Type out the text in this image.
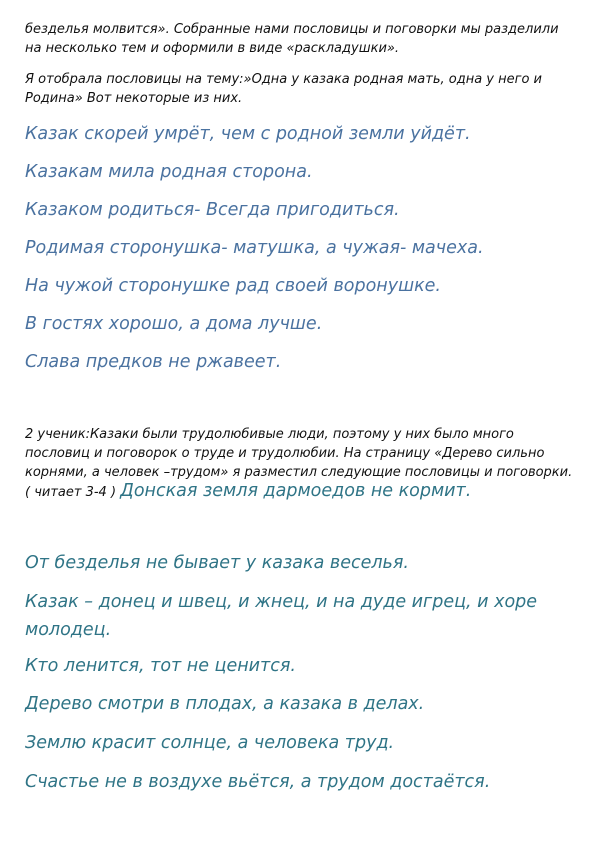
безделья молвится». Собранные нами пословицы и поговорки мы разделили на несколько тем и оформили в виде «раскладушки».
Я отобрала пословицы на тему:»Одна у казака родная мать, одна у него и Родина» Вот некоторые из них.
Казак скорей умрёт, чем с родной земли уйдёт.
Казакам мила родная сторона.
Казаком родиться- Всегда пригодиться.
Родимая сторонушка- матушка, а чужая- мачеха.
На чужой сторонушке рад своей воронушке.
В гостях хорошо, а дома лучше.
Слава предков не ржавеет.
2 ученик:Казаки были трудолюбивые люди, поэтому у них было много пословиц и поговорок о труде и трудолюбии. На страницу «Дерево сильно корнями, а человек –трудом» я разместил следующие пословицы и поговорки.( читает 3-4 ) Донская земля дармоедов не кормит.
От безделья не бывает у казака веселья.
Казак – донец и швец, и жнец, и на дуде игрец, и хоре молодец.
Кто ленится, тот не ценится.
Дерево смотри в плодах, а казака в делах.
Землю красит солнце, а человека труд.
Счастье не в воздухе вьётся, а трудом достаётся.
